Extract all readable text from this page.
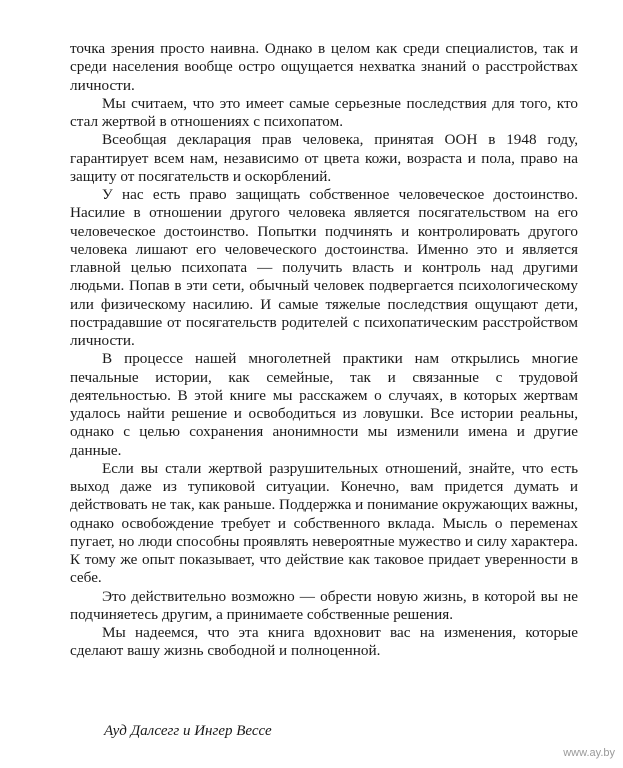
точка зрения просто наивна. Однако в целом как среди специалистов, так и среди населения вообще остро ощущается нехватка знаний о расстройствах личности.

Мы считаем, что это имеет самые серьезные последствия для того, кто стал жертвой в отношениях с психопатом.

Всеобщая декларация прав человека, принятая ООН в 1948 году, гарантирует всем нам, независимо от цвета кожи, возраста и пола, право на защиту от посягательств и оскорблений.

У нас есть право защищать собственное человеческое достоинство. Насилие в отношении другого человека является посягательством на его человеческое достоинство. Попытки подчинять и контролировать другого человека лишают его человеческого достоинства. Именно это и является главной целью психопата — получить власть и контроль над другими людьми. Попав в эти сети, обычный человек подвергается психологическому или физическому насилию. И самые тяжелые последствия ощущают дети, пострадавшие от посягательств родителей с психопатическим расстройством личности.

В процессе нашей многолетней практики нам открылись многие печальные истории, как семейные, так и связанные с трудовой деятельностью. В этой книге мы расскажем о случаях, в которых жертвам удалось найти решение и освободиться из ловушки. Все истории реальны, однако с целью сохранения анонимности мы изменили имена и другие данные.

Если вы стали жертвой разрушительных отношений, знайте, что есть выход даже из тупиковой ситуации. Конечно, вам придется думать и действовать не так, как раньше. Поддержка и понимание окружающих важны, однако освобождение требует и собственного вклада. Мысль о переменах пугает, но люди способны проявлять невероятные мужество и силу характера. К тому же опыт показывает, что действие как таковое придает уверенности в себе.

Это действительно возможно — обрести новую жизнь, в которой вы не подчиняетесь другим, а принимаете собственные решения.

Мы надеемся, что эта книга вдохновит вас на изменения, которые сделают вашу жизнь свободной и полноценной.

Ауд Далсегг и Ингер Вессе

www.ay.by
